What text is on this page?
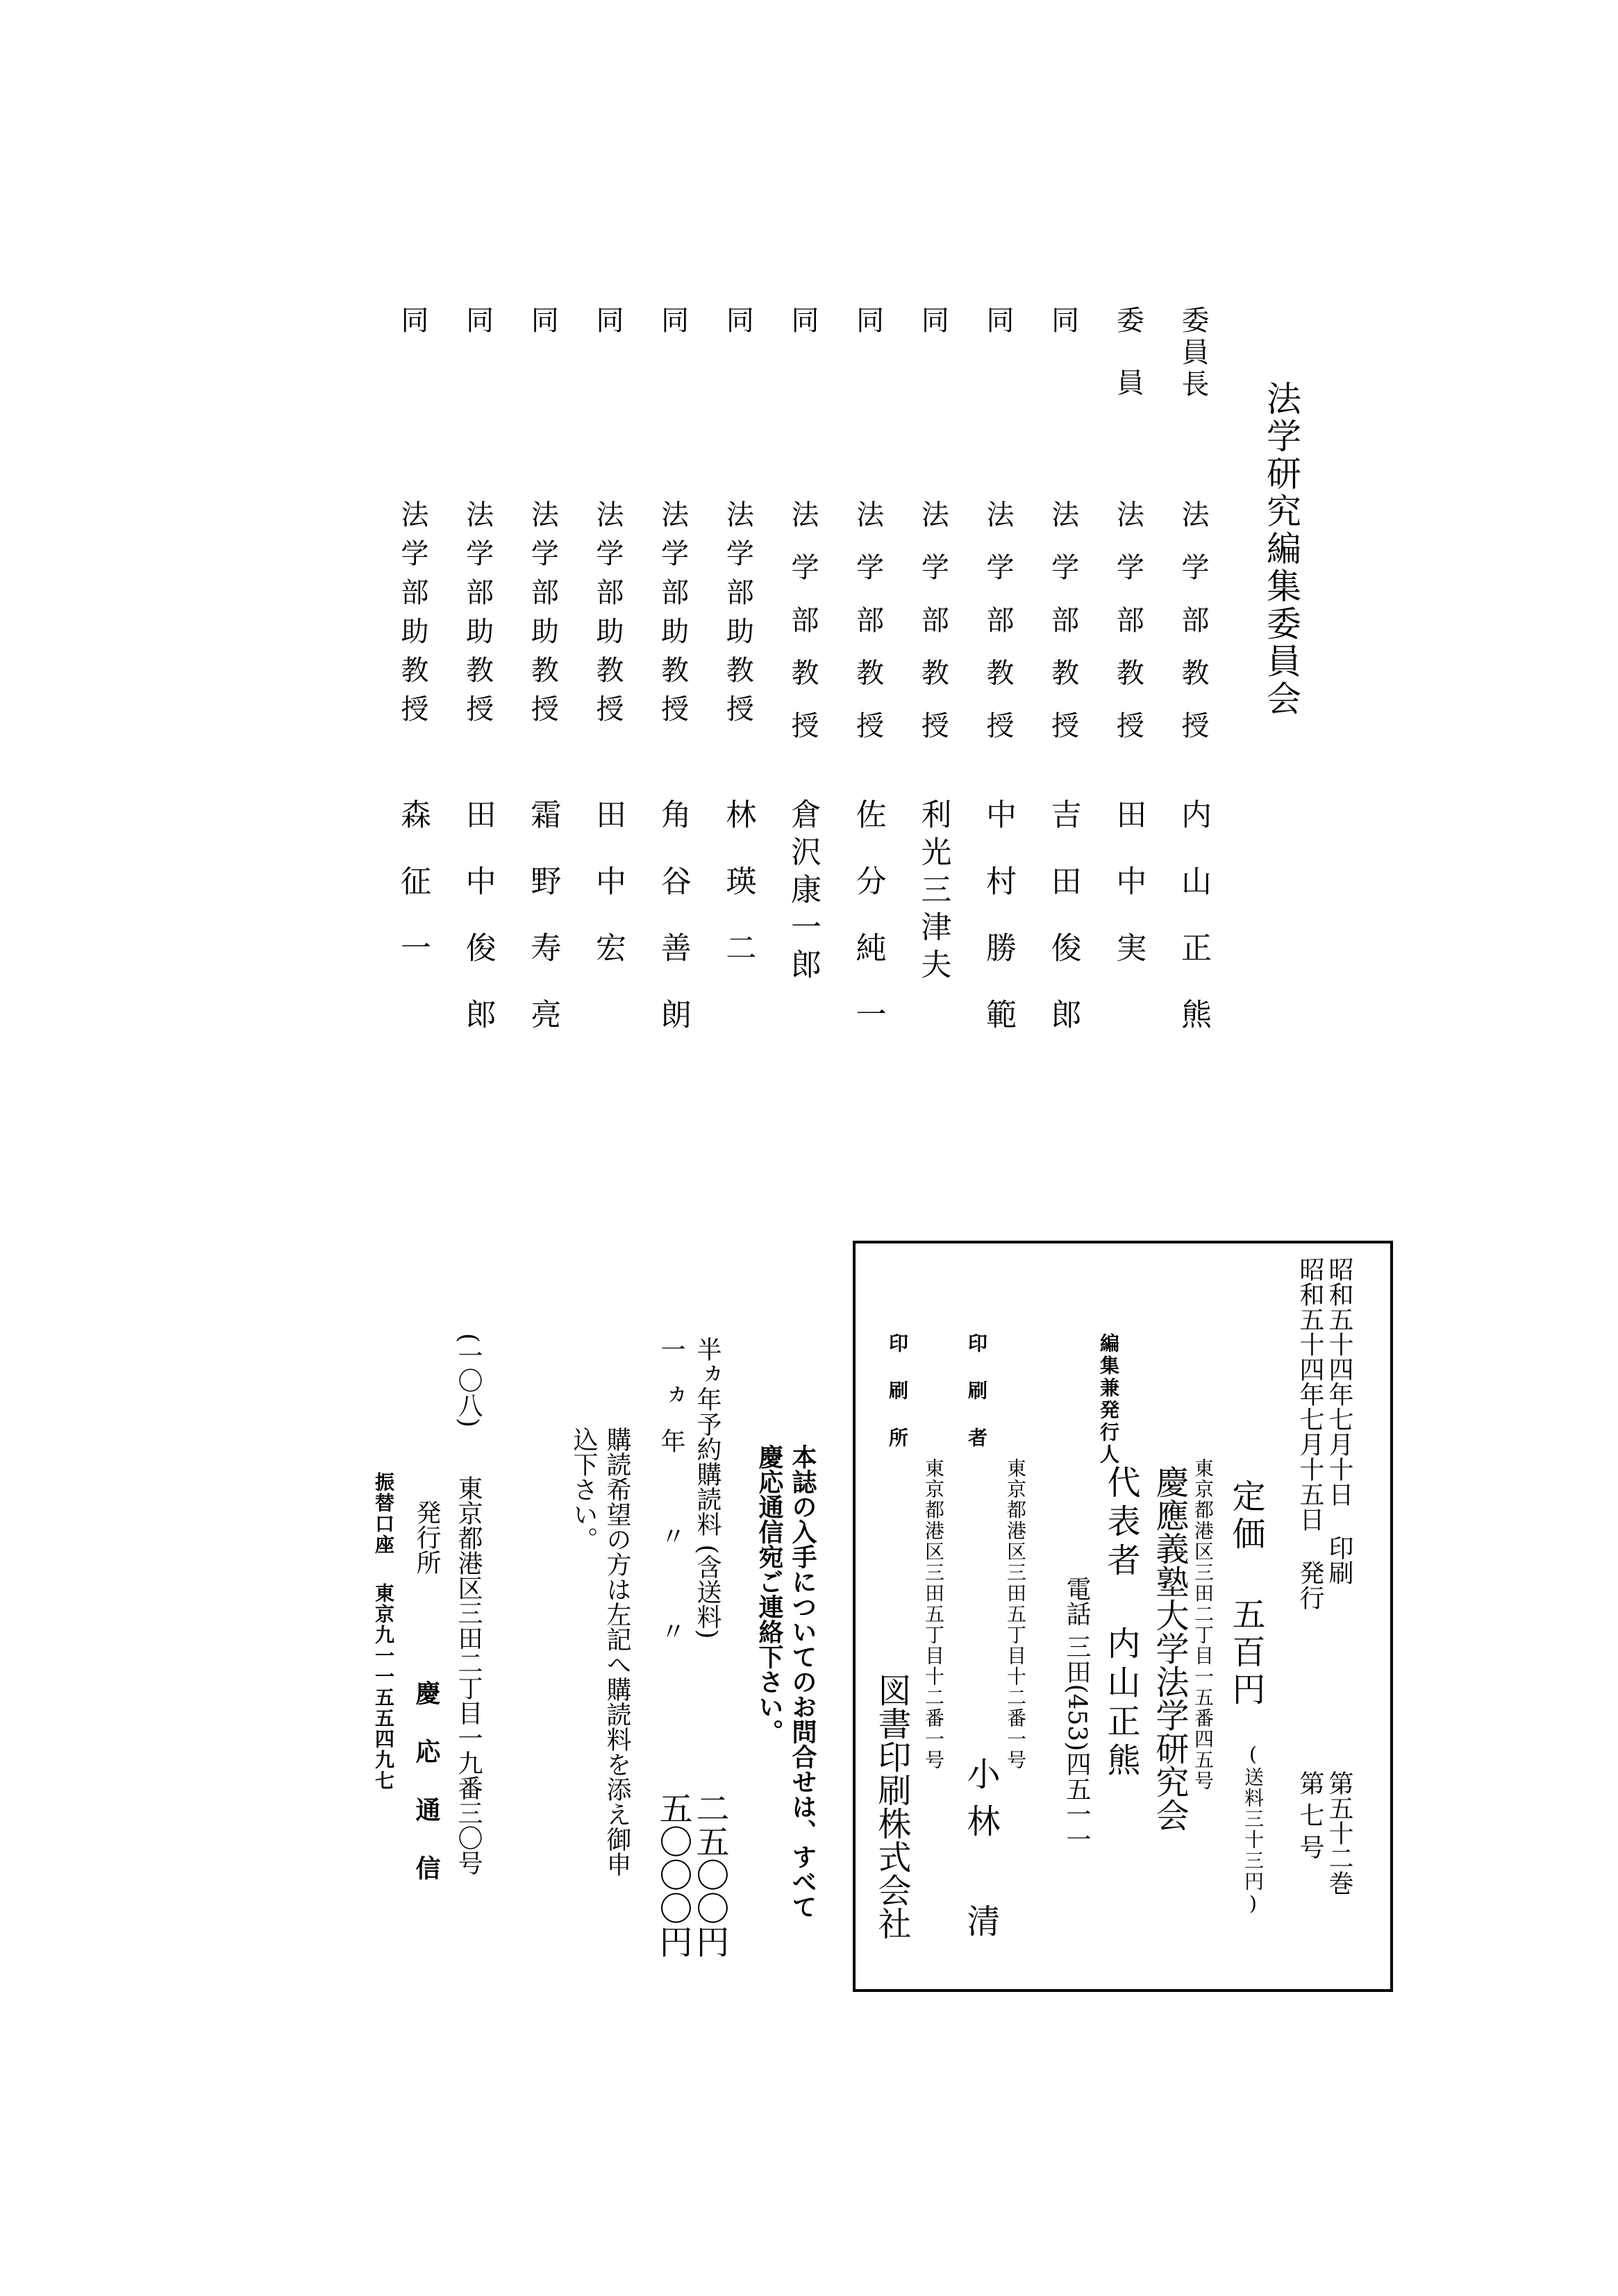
法学研究編集委員会
委員長
法学部教授
内山正熊
委員
法学部教授
田中実
同
法学部教授
吉田俊郎
同
法学部教授
中村勝範
同
法学部教授
利光三津夫
同
法学部教授
佐分純一
同
法学部教授
倉沢康一郎
同
法学部助教授
林瑛二
同
法学部助教授
角谷善朗
同
法学部助教授
田中宏
同
法学部助教授
霜野寿亮
同
法学部助教授
田中俊郎
同
法学部助教授
森征一
昭和五十四年七月十日 印刷
昭和五十四年七月十五日 発行
第五十二巻
第七号
定価 五百円
(送料三十三円)
編集兼発行人
東京都港区三田二丁目一五番四五号
慶應義塾大学法学研究会
代表者 内山正熊
電話 三田(453)四五一一
印刷者
東京都港区三田五丁目十二番一号
小林 清
印刷所
東京都港区三田五丁目十二番一号
図書印刷株式会社
本誌の入手についてのお問合せは、すべて
慶応通信宛ご連絡下さい。
半ヵ年予約購読料 (含送料)
二五〇〇円
一ヵ年 〃 〃
五〇〇〇円
購読希望の方は左記へ購読料を添え御申
込下さい。
(一〇八)
東京都港区三田二丁目一九番三〇号
発行所
慶応通信
振替口座
東京九一一五五四九七
